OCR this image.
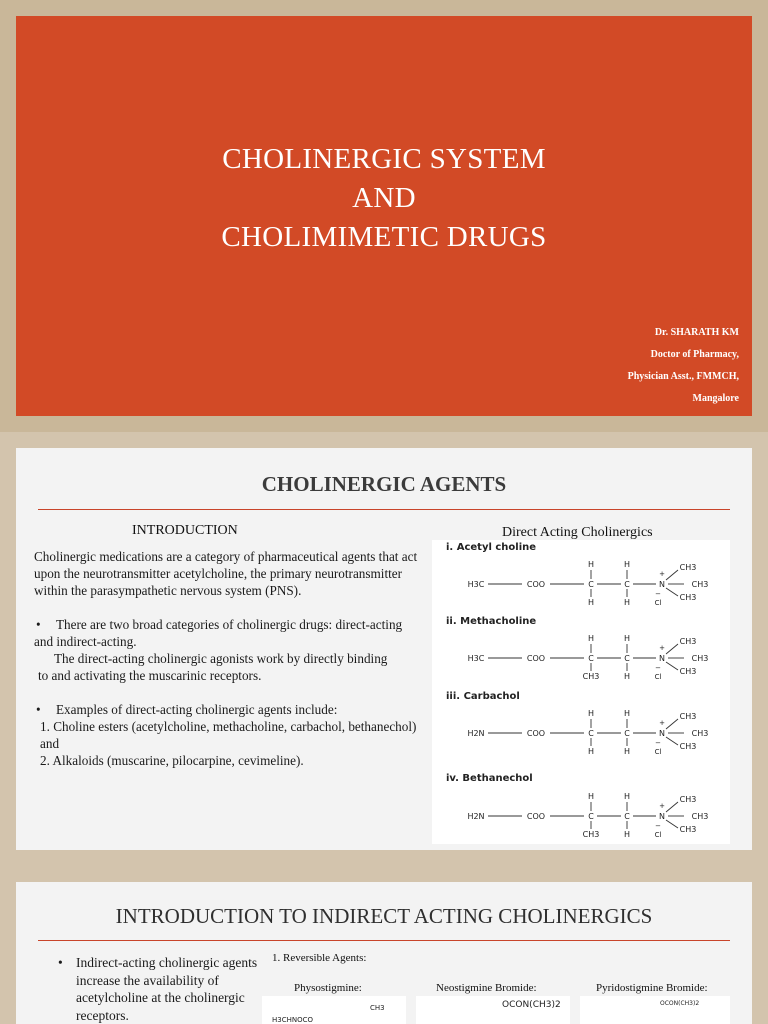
CHOLINERGIC SYSTEM
AND
CHOLIMIMETIC DRUGS
Dr. SHARATH KM
Doctor of Pharmacy,
Physician Asst., FMMCH,
Mangalore
CHOLINERGIC AGENTS
INTRODUCTION	Direct Acting Cholinergics

Cholinergic medications are a category of pharmaceutical agents that act upon the neurotransmitter acetylcholine, the primary neurotransmitter within the parasympathetic nervous system (PNS).

• There are two broad categories of cholinergic drugs: direct-acting and indirect-acting.

The direct-acting cholinergic agonists work by directly binding

to and activating the muscarinic receptors.

• Examples of direct-acting cholinergic agents include:

1. Choline esters (acetylcholine, methacholine, carbachol, bethanechol) and

2. Alkaloids (muscarine, pilocarpine, cevimeline).

i. Acetyl choline
ii. Methacholine
iii. Carbachol
iv. Bethanechol
H3C	COO	C	C	N	CH3
CH3
CH3
+
−
Cl
H	H
H	H
H3C	COO	C	C	N	CH3
CH3
CH3
+
−
Cl
H	H
CH3	H
H2N	COO	C	C	N	CH3
CH3
CH3
+
−
Cl
H	H
H	H
H2N	COO	C	C	N	CH3
CH3
CH3
+
−
Cl
H	H
CH3	H
INTRODUCTION TO INDIRECT ACTING CHOLINERGICS
• Indirect-acting cholinergic agents increase the availability of acetylcholine at the cholinergic receptors.
1. Reversible Agents:
Physostigmine:	Neostigmine Bromide:	Pyridostigmine Bromide:
H3CHNOCO
CH3	OCON(CH3)2	OCON(CH3)2
